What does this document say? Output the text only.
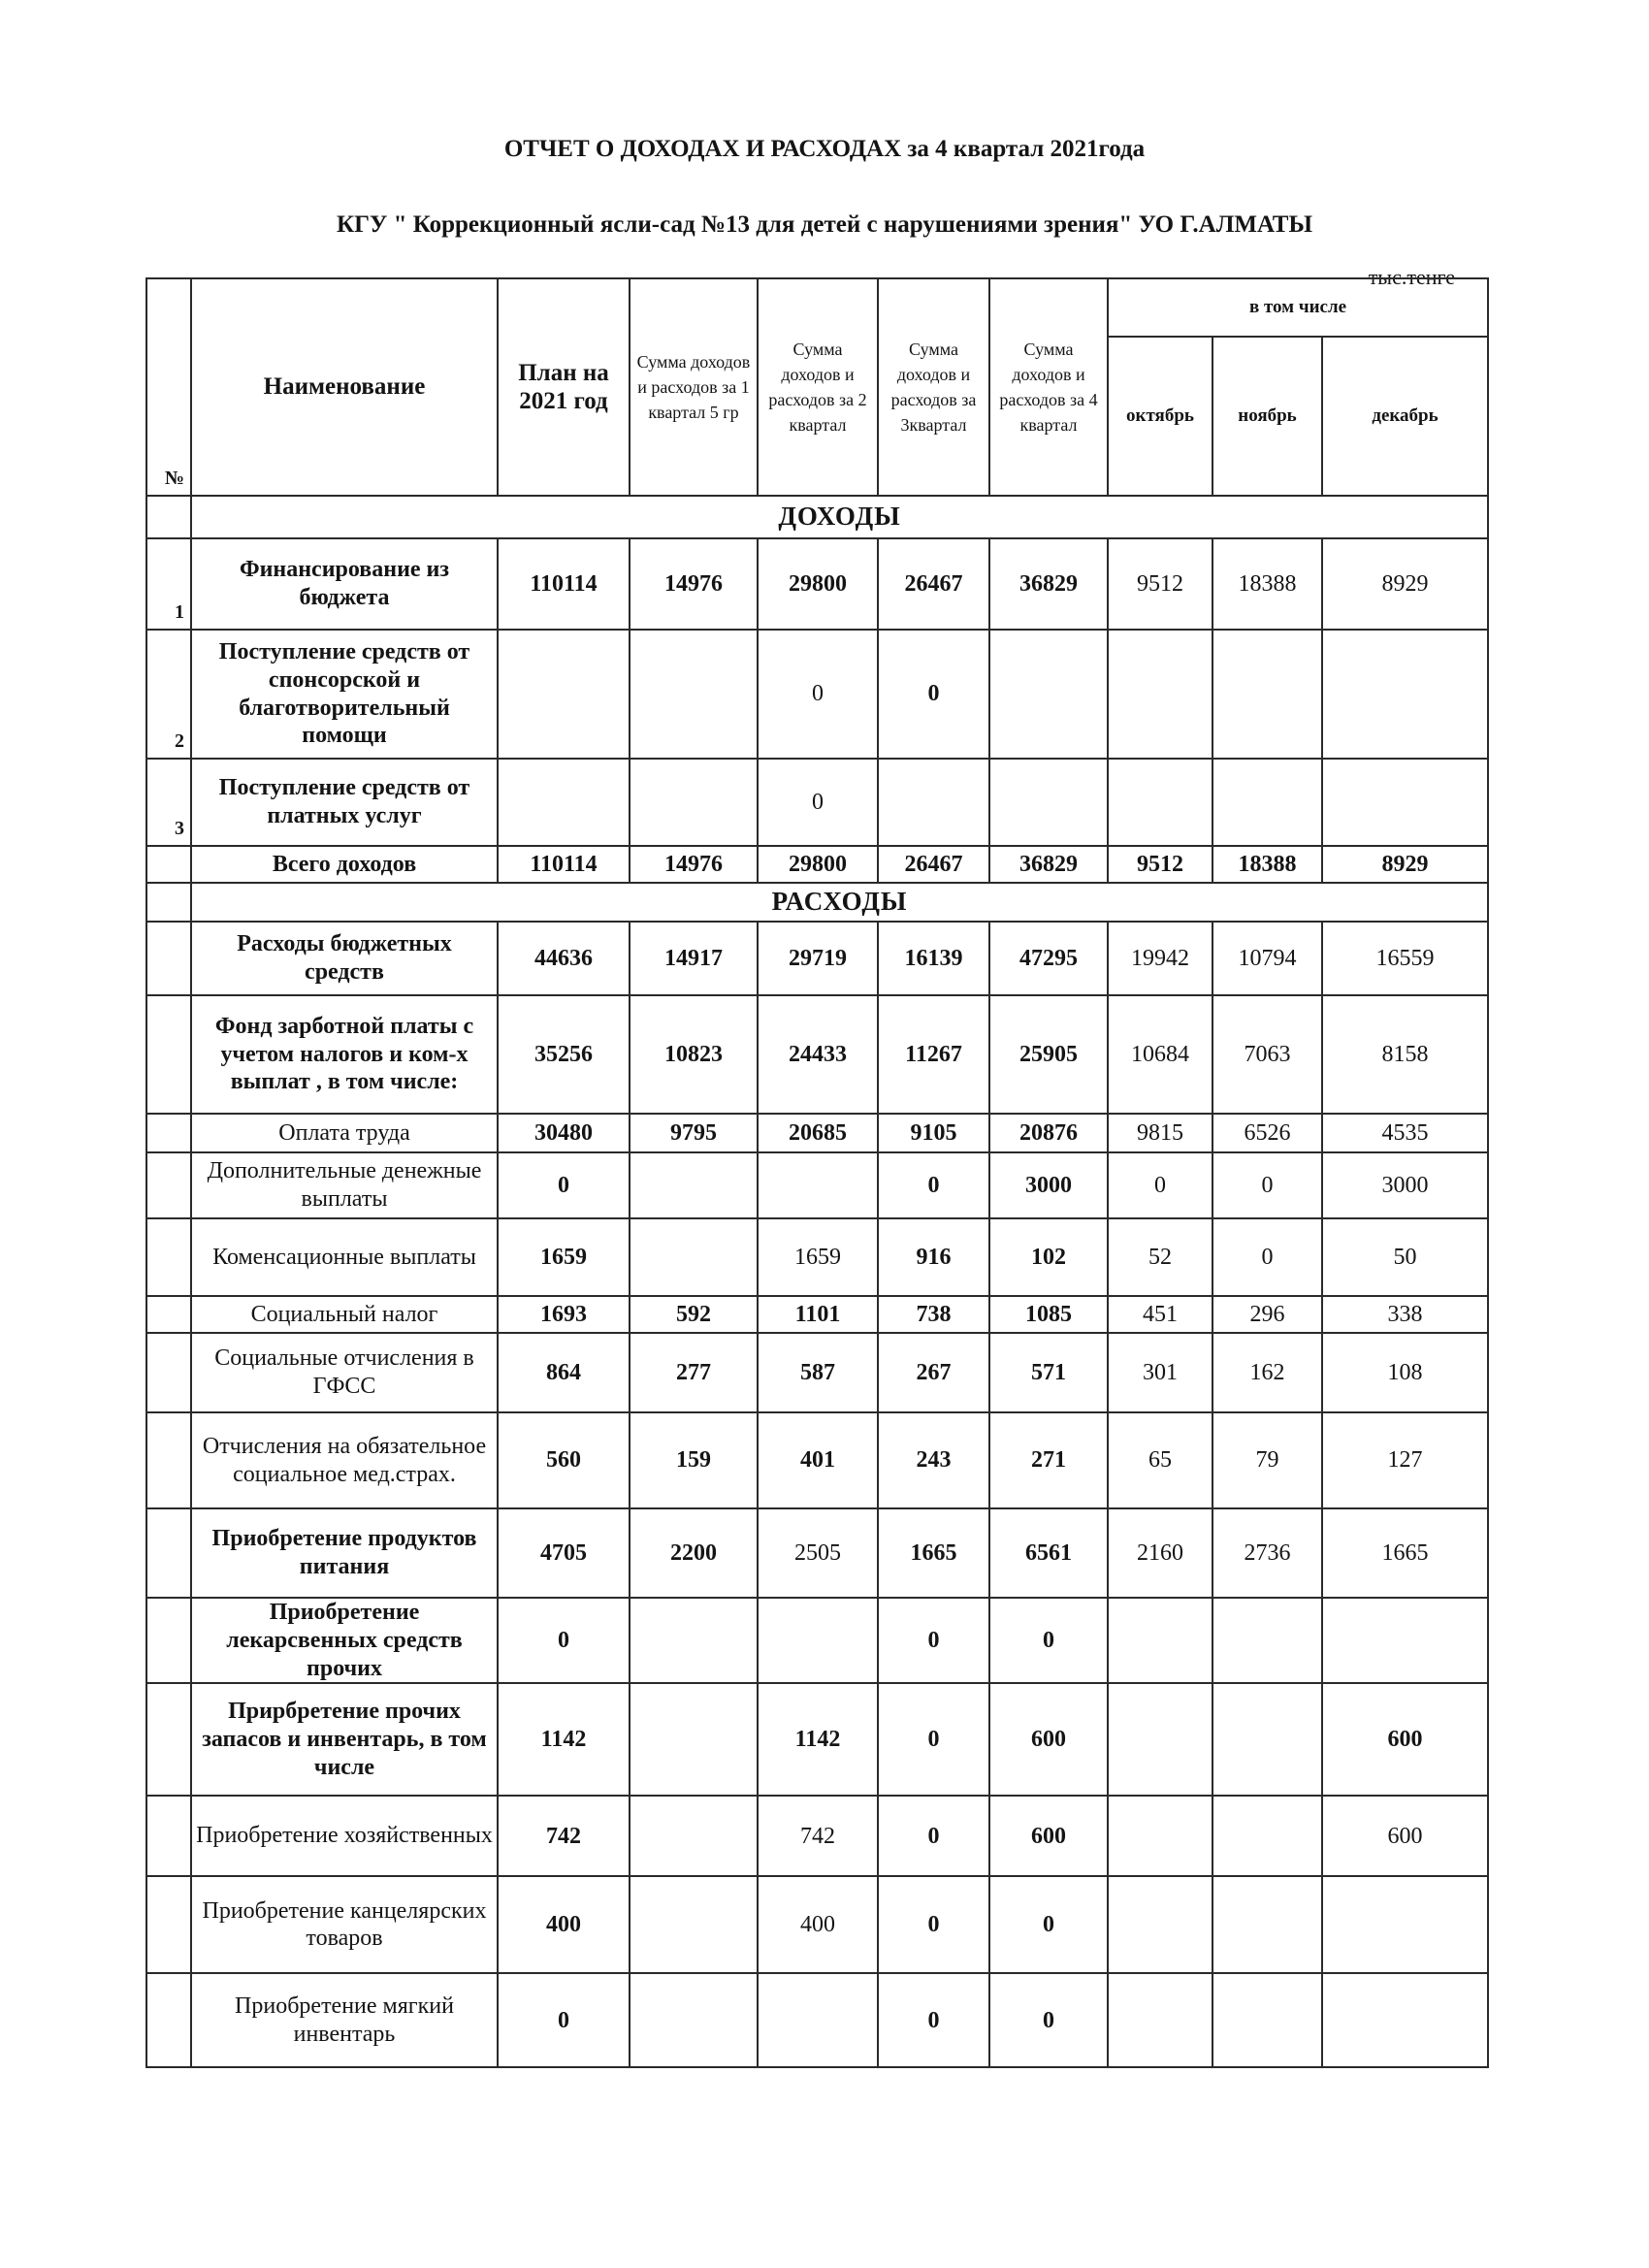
ОТЧЕТ О ДОХОДАХ И РАСХОДАХ за 4 квартал 2021года
КГУ " Коррекционный ясли-сад №13 для детей с нарушениями зрения" УО Г.АЛМАТЫ
тыс.тенге
№	Наименование	План на 2021 год	Сумма доходов и расходов за 1 квартал 5 гр	Сумма доходов и расходов за 2 квартал	Сумма доходов и расходов за 3квартал	Сумма доходов и расходов за 4 квартал	в том числе		
							октябрь	ноябрь	декабрь
	ДОХОДЫ								
1	Финансирование из бюджета	110114	14976	29800	26467	36829	9512	18388	8929
2	Поступление средств от спонсорской и благотворительный помощи			0	0				
3	Поступление средств от платных услуг			0					
	Всего доходов	110114	14976	29800	26467	36829	9512	18388	8929
	РАСХОДЫ								
	Расходы бюджетных средств	44636	14917	29719	16139	47295	19942	10794	16559
	Фонд зарботной платы с учетом налогов и ком-х выплат , в том числе:	35256	10823	24433	11267	25905	10684	7063	8158
	Оплата труда	30480	9795	20685	9105	20876	9815	6526	4535
	Дополнительные денежные выплаты	0			0	3000	0	0	3000
	Коменсационные выплаты	1659		1659	916	102	52	0	50
	Социальный налог	1693	592	1101	738	1085	451	296	338
	Социальные отчисления в ГФСС	864	277	587	267	571	301	162	108
	Отчисления на обязательное социальное мед.страх.	560	159	401	243	271	65	79	127
	Приобретение продуктов питания	4705	2200	2505	1665	6561	2160	2736	1665
	Приобретение лекарсвенных средств прочих	0			0	0			
	Прирбретение прочих запасов и инвентарь, в том числе	1142		1142	0	600			600
	Приобретение хозяйственных	742		742	0	600			600
	Приобретение канцелярских товаров	400		400	0	0			
	Приобретение мягкий инвентарь	0			0	0			
